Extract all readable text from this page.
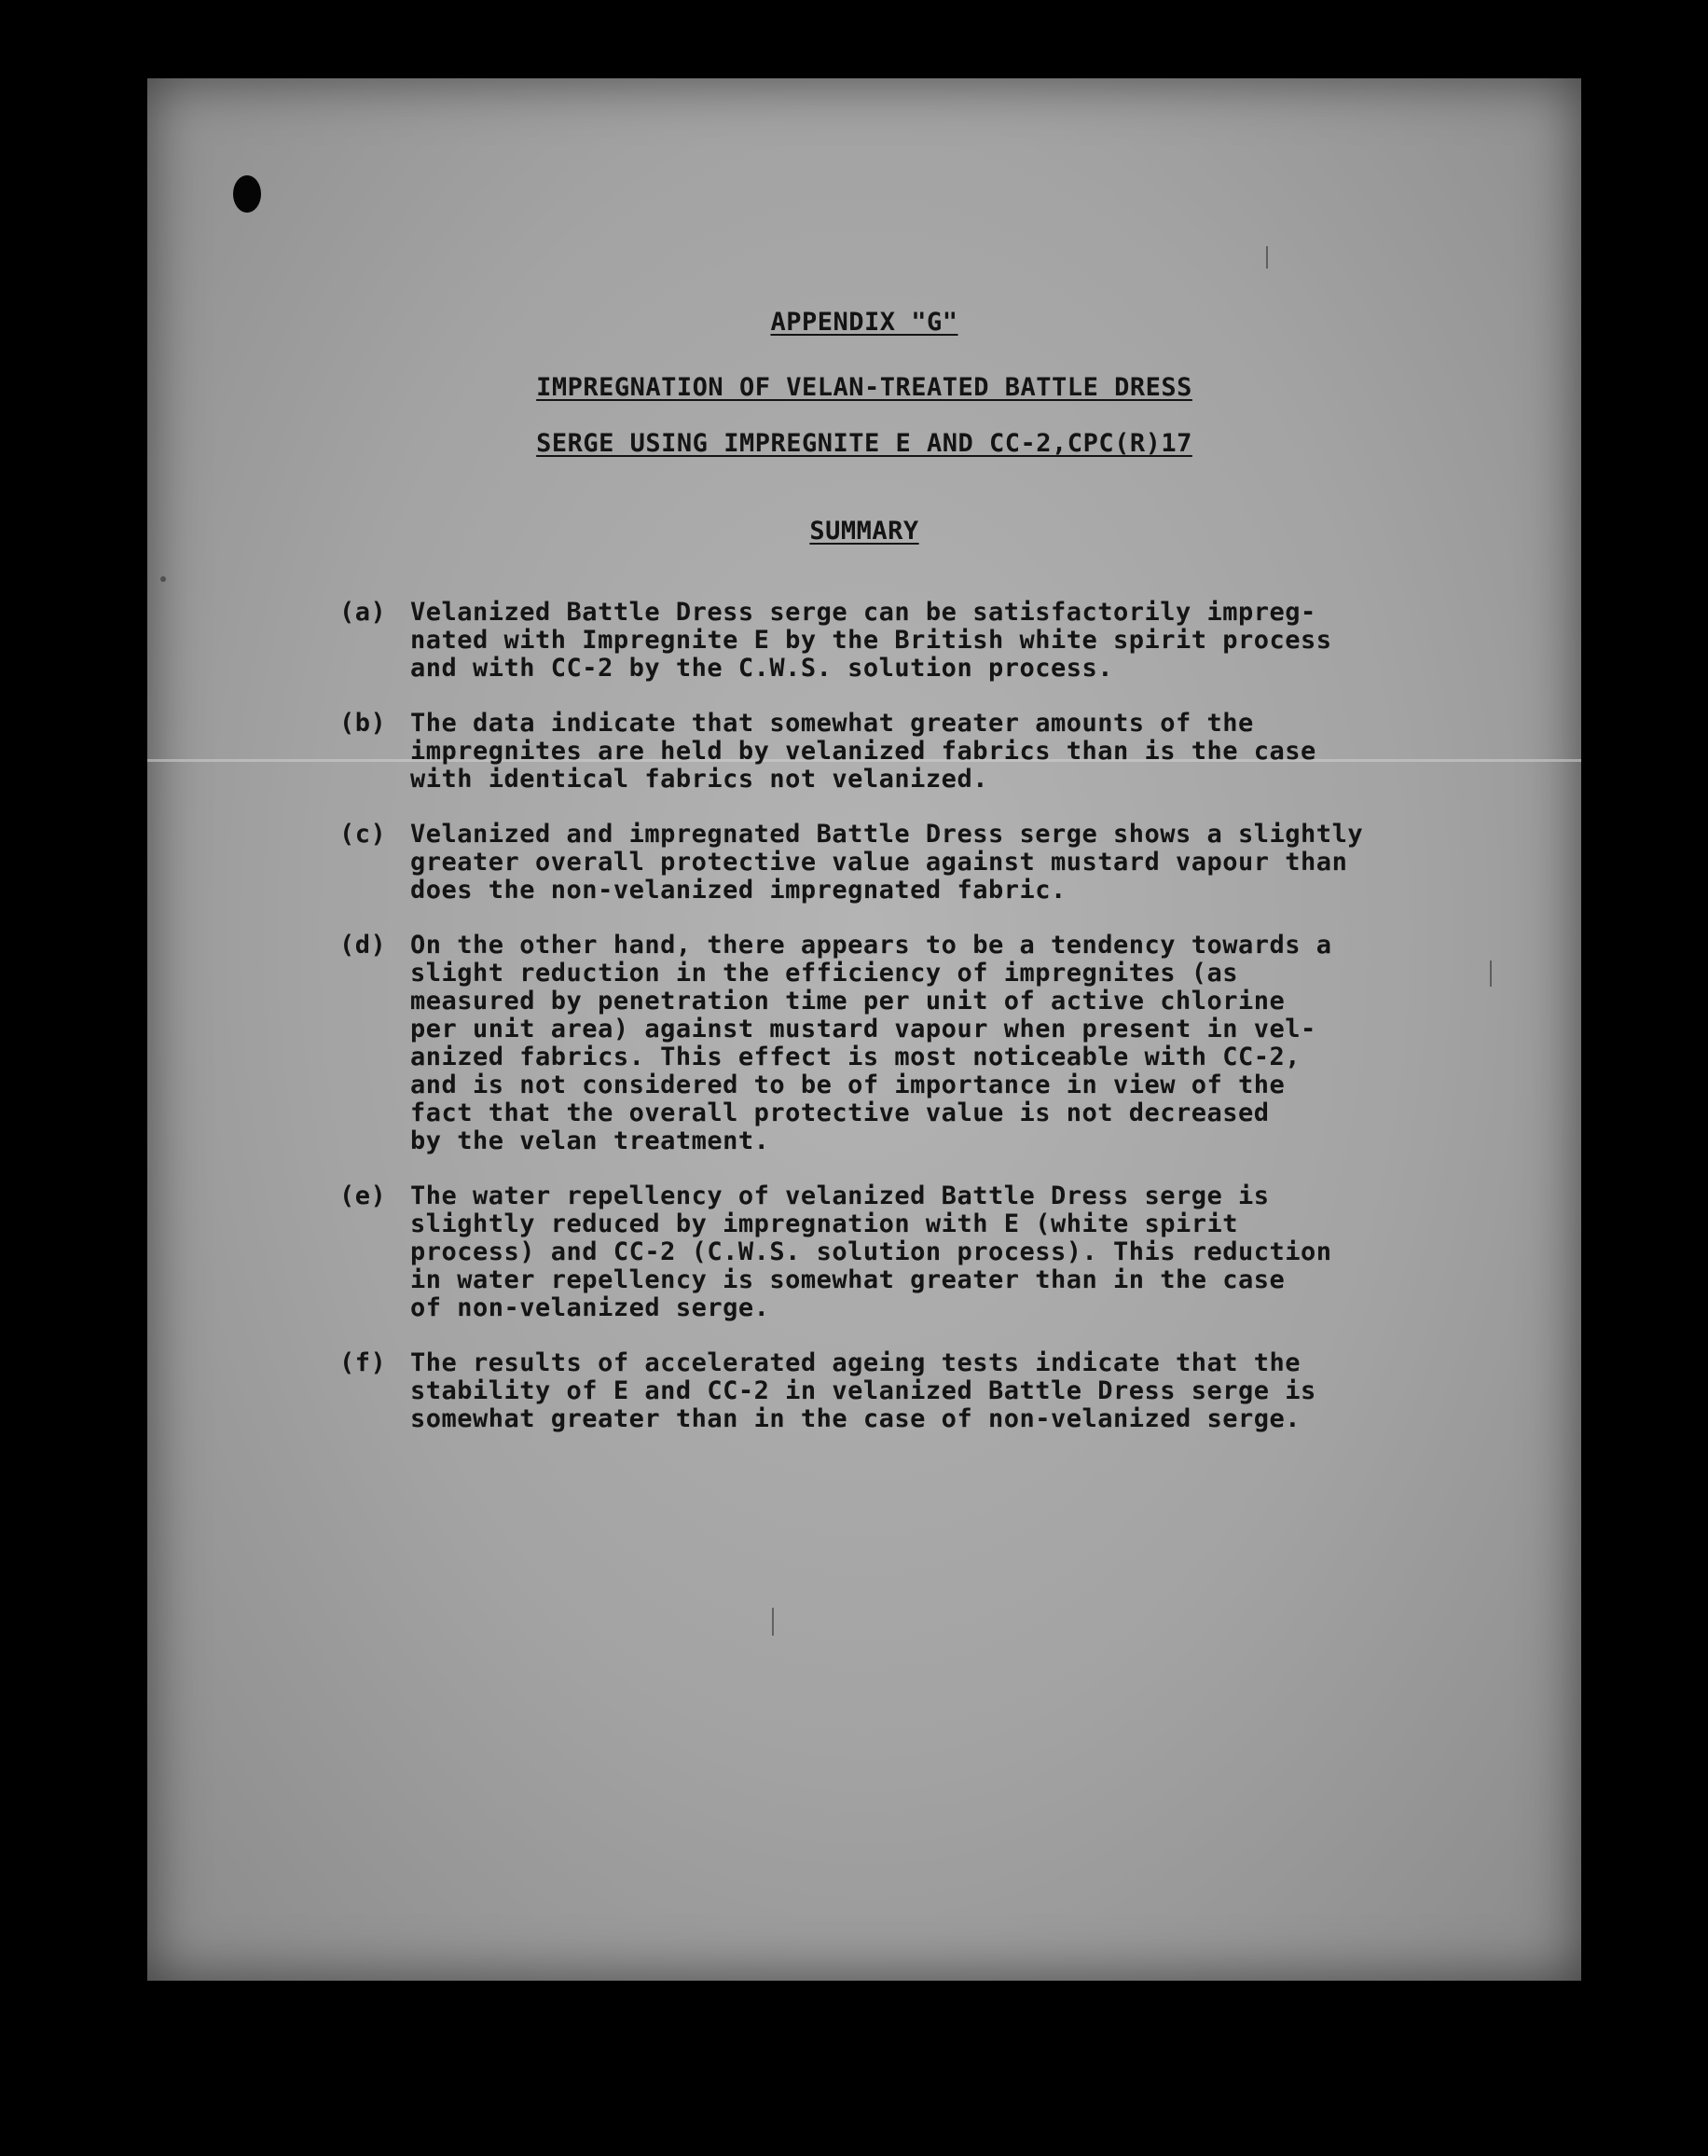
APPENDIX "G"
IMPREGNATION OF VELAN-TREATED BATTLE DRESS
SERGE USING IMPREGNITE E AND CC-2,CPC(R)17
SUMMARY
(a) Velanized Battle Dress serge can be satisfactorily impreg-
nated with Impregnite E by the British white spirit process
and with CC-2 by the C.W.S. solution process.
(b) The data indicate that somewhat greater amounts of the
impregnites are held by velanized fabrics than is the case
with identical fabrics not velanized.
(c) Velanized and impregnated Battle Dress serge shows a slightly
greater overall protective value against mustard vapour than
does the non-velanized impregnated fabric.
(d) On the other hand, there appears to be a tendency towards a
slight reduction in the efficiency of impregnites (as
measured by penetration time per unit of active chlorine
per unit area) against mustard vapour when present in vel-
anized fabrics. This effect is most noticeable with CC-2,
and is not considered to be of importance in view of the
fact that the overall protective value is not decreased
by the velan treatment.
(e) The water repellency of velanized Battle Dress serge is
slightly reduced by impregnation with E (white spirit
process) and CC-2 (C.W.S. solution process). This reduction
in water repellency is somewhat greater than in the case
of non-velanized serge.
(f) The results of accelerated ageing tests indicate that the
stability of E and CC-2 in velanized Battle Dress serge is
somewhat greater than in the case of non-velanized serge.
